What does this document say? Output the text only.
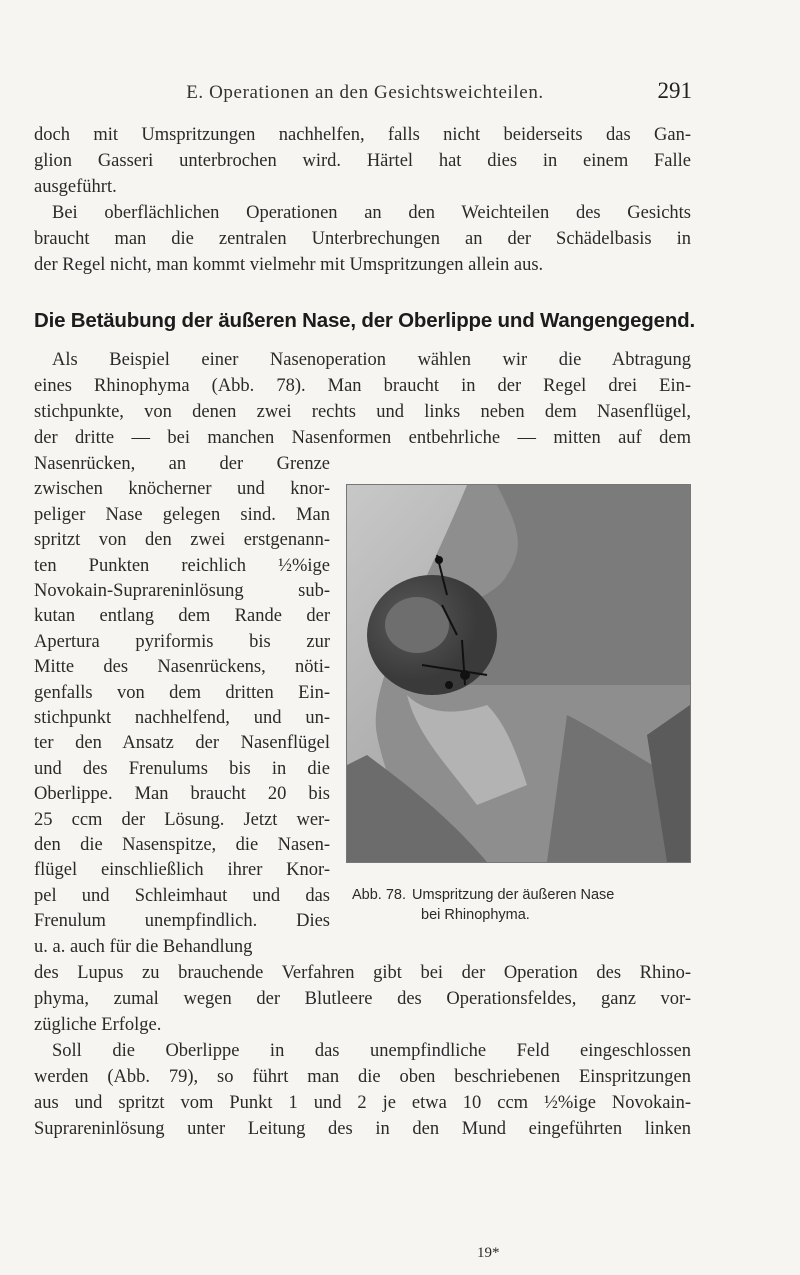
E. Operationen an den Gesichtsweichteilen.	291
doch mit Umspritzungen nachhelfen, falls nicht beiderseits das Gan-
glion Gasseri unterbrochen wird. Härtel hat dies in einem Falle
ausgeführt.
Bei oberflächlichen Operationen an den Weichteilen des Gesichts
braucht man die zentralen Unterbrechungen an der Schädelbasis in
der Regel nicht, man kommt vielmehr mit Umspritzungen allein aus.
Die Betäubung der äußeren Nase, der Oberlippe und Wangengegend.
Als Beispiel einer Nasenoperation wählen wir die Abtragung
eines Rhinophyma (Abb. 78). Man braucht in der Regel drei Ein-
stichpunkte, von denen zwei rechts und links neben dem Nasenflügel,
der dritte — bei manchen Nasenformen entbehrliche — mitten auf dem
Nasenrücken, an der Grenze
zwischen knöcherner und knor-
peliger Nase gelegen sind. Man
spritzt von den zwei erstgenann-
ten Punkten reichlich ½%ige
Novokain-Suprareninlösung sub-
kutan entlang dem Rande der
Apertura pyriformis bis zur
Mitte des Nasenrückens, nöti-
genfalls von dem dritten Ein-
stichpunkt nachhelfend, und un-
ter den Ansatz der Nasenflügel
und des Frenulums bis in die
Oberlippe. Man braucht 20 bis
25 ccm der Lösung. Jetzt wer-
den die Nasenspitze, die Nasen-
flügel einschließlich ihrer Knor-
pel und Schleimhaut und das
Frenulum unempfindlich. Dies
u. a. auch für die Behandlung
Abb. 78. Umspritzung der äußeren Nase
bei Rhinophyma.
des Lupus zu brauchende Verfahren gibt bei der Operation des Rhino-
phyma, zumal wegen der Blutleere des Operationsfeldes, ganz vor-
zügliche Erfolge.
Soll die Oberlippe in das unempfindliche Feld eingeschlossen
werden (Abb. 79), so führt man die oben beschriebenen Einspritzungen
aus und spritzt vom Punkt 1 und 2 je etwa 10 ccm ½%ige Novokain-
Suprareninlösung unter Leitung des in den Mund eingeführten linken
19*
